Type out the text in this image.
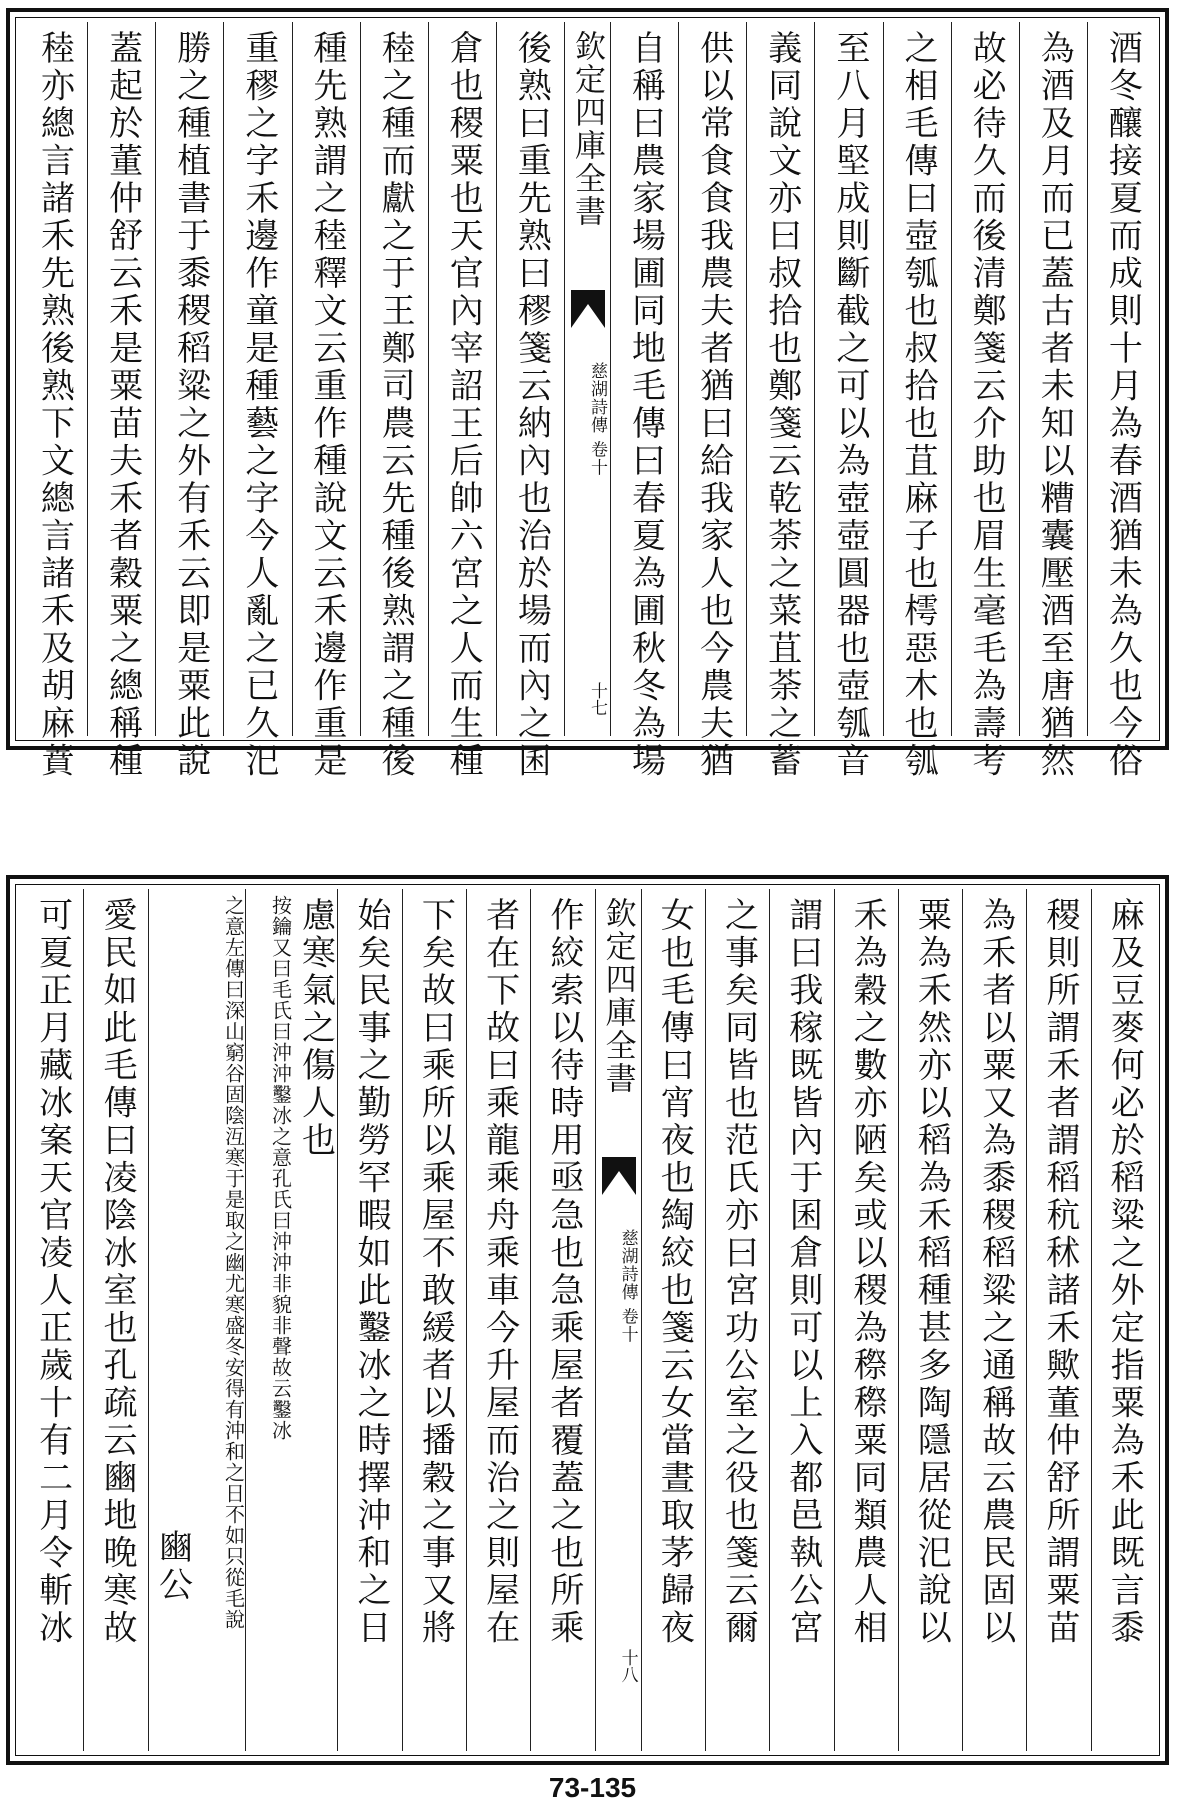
酒冬釀接夏而成則十月為春酒猶未為久也今俗
為酒及月而已蓋古者未知以糟囊壓酒至唐猶然
故必待久而後清鄭箋云介助也眉生毫毛為壽考
之相毛傳曰壺瓠也叔拾也苴麻子也樗惡木也瓠
至八月堅成則斷截之可以為壺壺圓器也壺瓠音
義同說文亦曰叔拾也鄭箋云乾荼之菜苴荼之蓄
供以常食食我農夫者猶曰給我家人也今農夫猶
自稱曰農家場圃同地毛傳曰春夏為圃秋冬為場
欽定四庫全書
慈湖詩傳 卷十
十七
後熟曰重先熟曰穋箋云納內也治於場而內之囷
倉也稷粟也天官內宰詔王后帥六宮之人而生種
稑之種而獻之于王鄭司農云先種後熟謂之種後
種先熟謂之稑釋文云重作種說文云禾邊作重是
重穋之字禾邊作童是種藝之字今人亂之已久汜
勝之種植書于黍稷稻粱之外有禾云即是粟此說
蓋起於董仲舒云禾是粟苗夫禾者穀粟之總稱種
稑亦總言諸禾先熟後熟下文總言諸禾及胡麻蕡
麻及豆麥何必於稻粱之外定指粟為禾此既言黍
稷則所謂禾者謂稻秔秫諸禾歟董仲舒所謂粟苗
為禾者以粟又為黍稷稻粱之通稱故云農民固以
粟為禾然亦以稻為禾稻種甚多陶隱居從汜說以
禾為穀之數亦陋矣或以稷為穄穄粟同類農人相
謂曰我稼既皆內于囷倉則可以上入都邑執公宮
之事矣同皆也范氏亦曰宮功公室之役也箋云爾
女也毛傳曰宵夜也綯絞也箋云女當晝取茅歸夜
欽定四庫全書
慈湖詩傳 卷十
十八
作絞索以待時用亟急也急乘屋者覆蓋之也所乘
者在下故曰乘龍乘舟乘車今升屋而治之則屋在
下矣故曰乘所以乘屋不敢緩者以播穀之事又將
始矣民事之勤勞罕暇如此鑿冰之時擇沖和之日
慮寒氣之傷人也
按鑰又曰毛氏曰沖沖鑿冰之意孔氏曰沖沖非貌非聲故云鑿冰
之意左傳曰深山窮谷固陰沍寒于是取之幽尤寒盛冬安得有沖和之日不如只從毛說
豳公
愛民如此毛傳曰凌陰冰室也孔疏云豳地晚寒故
可夏正月藏冰案天官凌人正歲十有二月令斬冰
73-135
